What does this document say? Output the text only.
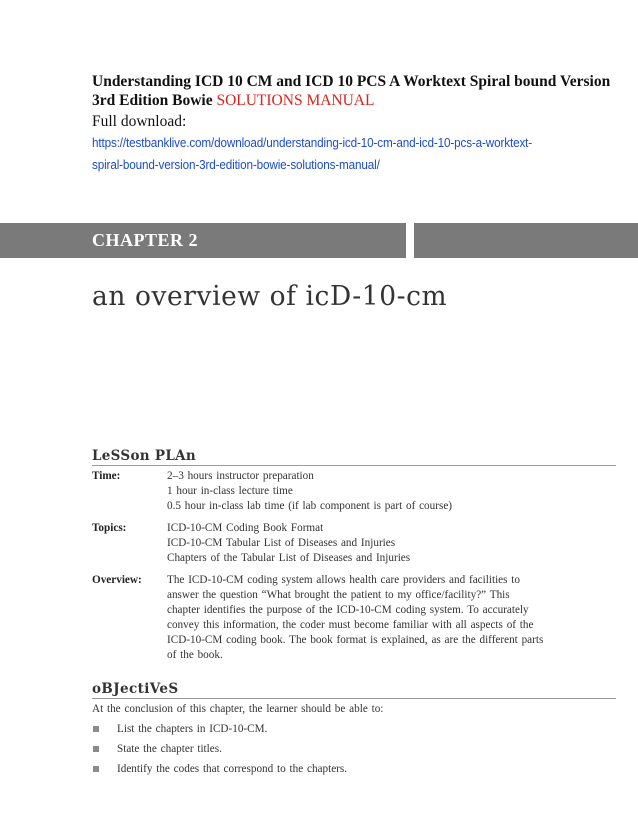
Understanding ICD 10 CM and ICD 10 PCS A Worktext Spiral bound Version 3rd Edition Bowie SOLUTIONS MANUAL
Full download:
https://testbanklive.com/download/understanding-icd-10-cm-and-icd-10-pcs-a-worktext-
spiral-bound-version-3rd-edition-bowie-solutions-manual/
CHAPTER 2
an overview of icD-10-cm
LeSSon PLAn
Time:	2–3 hours instructor preparation
1 hour in-class lecture time
0.5 hour in-class lab time (if lab component is part of course)
Topics:	ICD-10-CM Coding Book Format
ICD-10-CM Tabular List of Diseases and Injuries
Chapters of the Tabular List of Diseases and Injuries
Overview: The ICD-10-CM coding system allows health care providers and facilities to
answer the question “What brought the patient to my office/facility?” This
chapter identifies the purpose of the ICD-10-CM coding system. To accurately
convey this information, the coder must become familiar with all aspects of the
ICD-10-CM coding book. The book format is explained, as are the different parts
of the book.
oBJectiVeS
At the conclusion of this chapter, the learner should be able to:
List the chapters in ICD-10-CM.
State the chapter titles.
Identify the codes that correspond to the chapters.
